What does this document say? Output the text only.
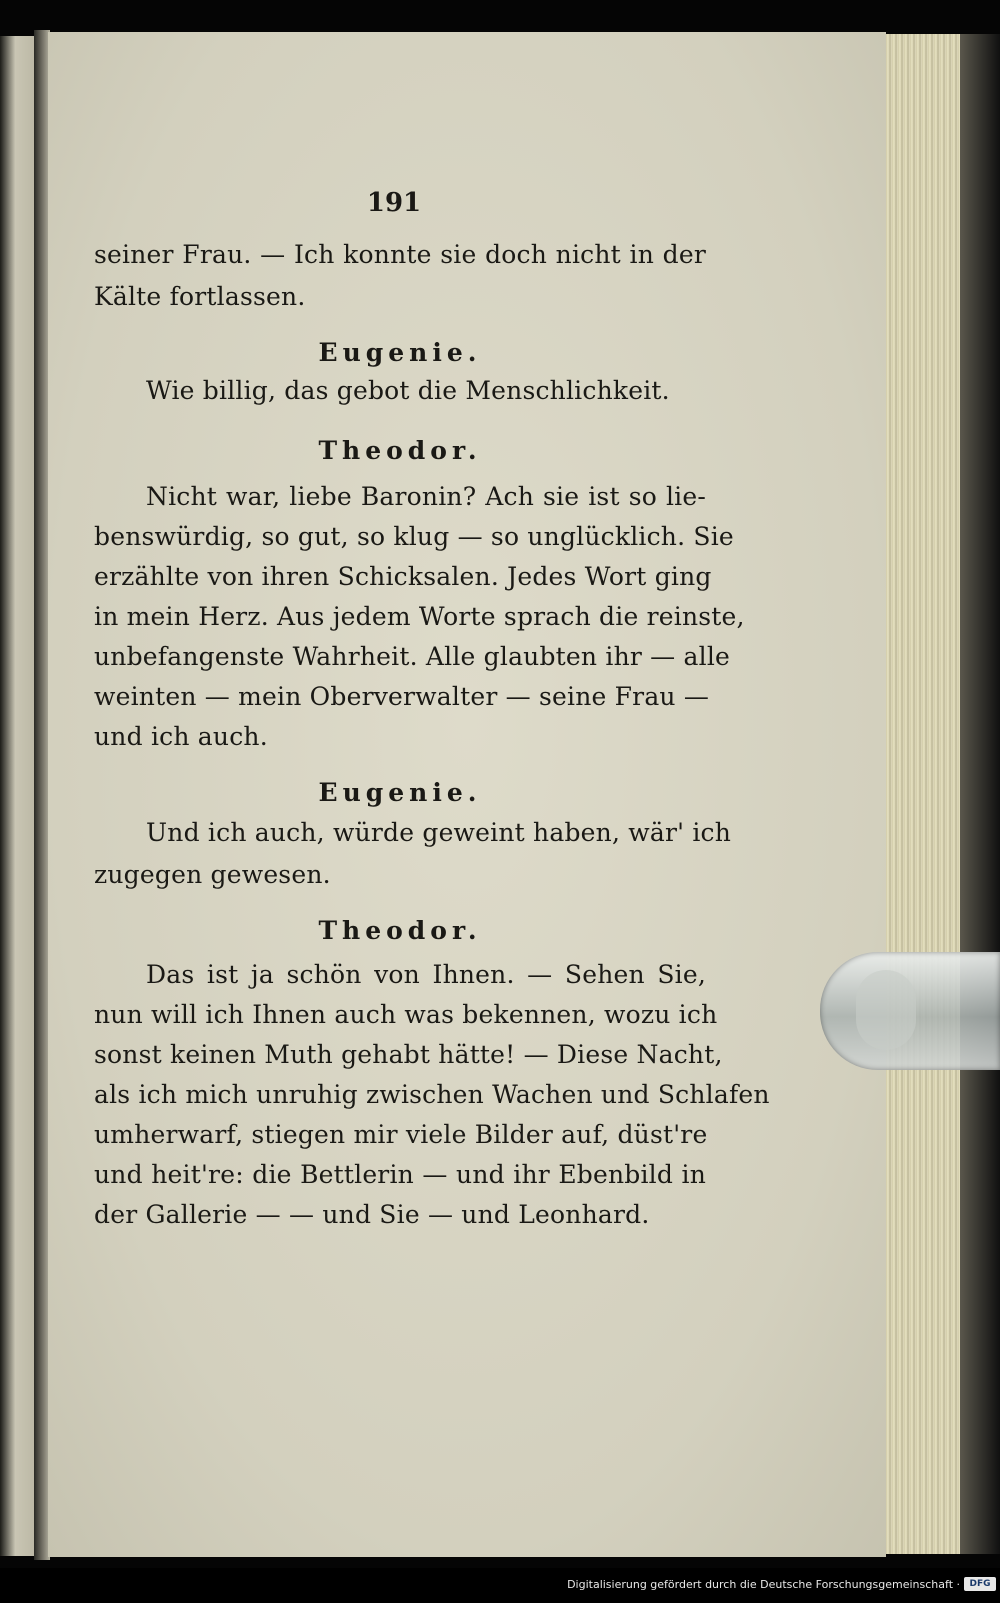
191
seiner Frau. — Ich konnte sie doch nicht in der
Kälte fortlassen.
Eugenie.
Wie billig, das gebot die Menschlichkeit.
Theodor.
Nicht war, liebe Baronin? Ach sie ist so lie-
benswürdig, so gut, so klug — so unglücklich. Sie
erzählte von ihren Schicksalen. Jedes Wort ging
in mein Herz. Aus jedem Worte sprach die reinste,
unbefangenste Wahrheit. Alle glaubten ihr — alle
weinten — mein Oberverwalter — seine Frau —
und ich auch.
Eugenie.
Und ich auch, würde geweint haben, wär' ich
zugegen gewesen.
Theodor.
Das ist ja schön von Ihnen. — Sehen Sie,
nun will ich Ihnen auch was bekennen, wozu ich
sonst keinen Muth gehabt hätte! — Diese Nacht,
als ich mich unruhig zwischen Wachen und Schlafen
umherwarf, stiegen mir viele Bilder auf, düst're
und heit're: die Bettlerin — und ihr Ebenbild in
der Gallerie — — und Sie — und Leonhard.
Digitalisierung gefördert durch die Deutsche Forschungsgemeinschaft ·	DFG
